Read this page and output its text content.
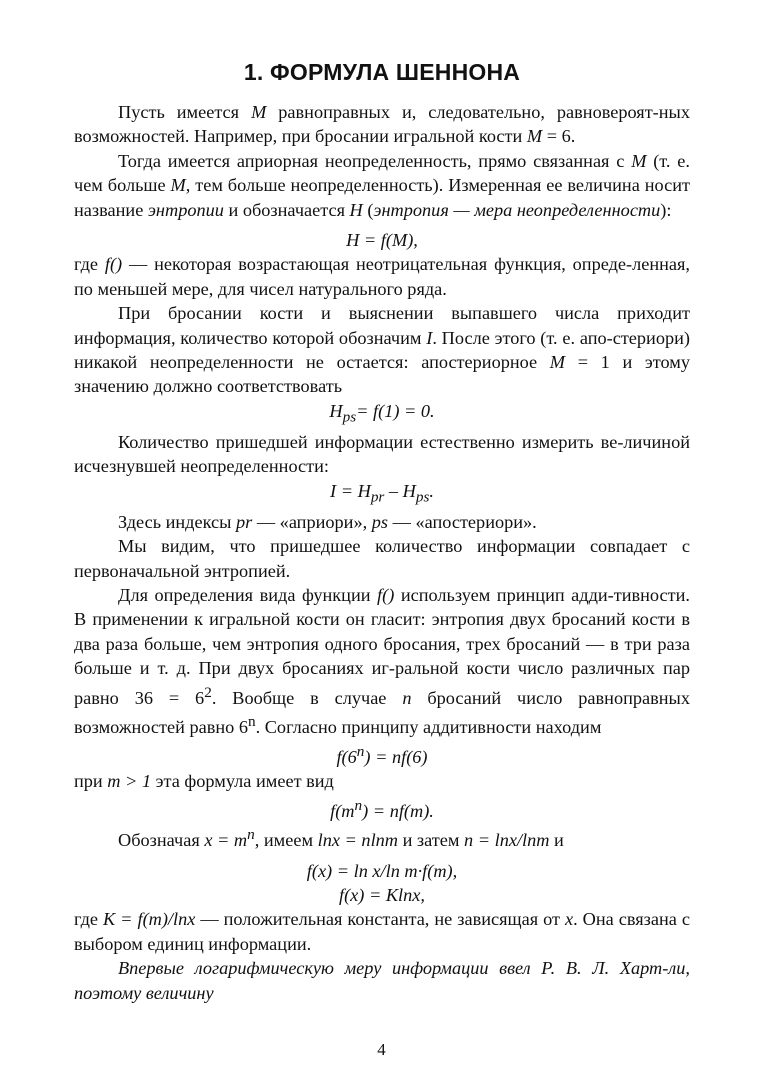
1. ФОРМУЛА ШЕННОНА

Пусть имеется M равноправных и, следовательно, равновероят-ных возможностей. Например, при бросании игральной кости M = 6.

Тогда имеется априорная неопределенность, прямо связанная с M (т. е. чем больше M, тем больше неопределенность). Измеренная ее величина носит название энтропии и обозначается H (энтропия — мера неопределенности):

H = f(M),

где f() — некоторая возрастающая неотрицательная функция, опреде-ленная, по меньшей мере, для чисел натурального ряда.

При бросании кости и выяснении выпавшего числа приходит информация, количество которой обозначим I. После этого (т. е. апо-стериори) никакой неопределенности не остается: апостериорное M = 1 и этому значению должно соответствовать

$H_{ps}= f(1) = 0$.

Количество пришедшей информации естественно измерить ве-личиной исчезнувшей неопределенности:

$I = H_{pr} - H_{ps}$.

Здесь индексы pr — «априори», ps — «апостериори».

Мы видим, что пришедшее количество информации совпадает с первоначальной энтропией.

Для определения вида функции f() используем принцип адди-тивности. В применении к игральной кости он гласит: энтропия двух бросаний кости в два раза больше, чем энтропия одного бросания, трех бросаний — в три раза больше и т. д. При двух бросаниях иг-ральной кости число различных пар равно $36 = 6^2$. Вообще в случае n бросаний число равноправных возможностей равно 6$^n$. Согласно принципу аддитивности находим

$f(6^n) = nf(6)$

при m > 1 эта формула имеет вид

$f(m^n) = nf(m)$.

Обозначая $x = m^n$, имеем lnx = nlnm и затем n = lnx/lnm и

f(x) = ln x/ln m·f(m),

f(x) = Klnx,

где K = f(m)/lnx — положительная константа, не зависящая от x. Она связана с выбором единиц информации.

Впервые логарифмическую меру информации ввел Р. В. Л. Харт-ли, поэтому величину

4
